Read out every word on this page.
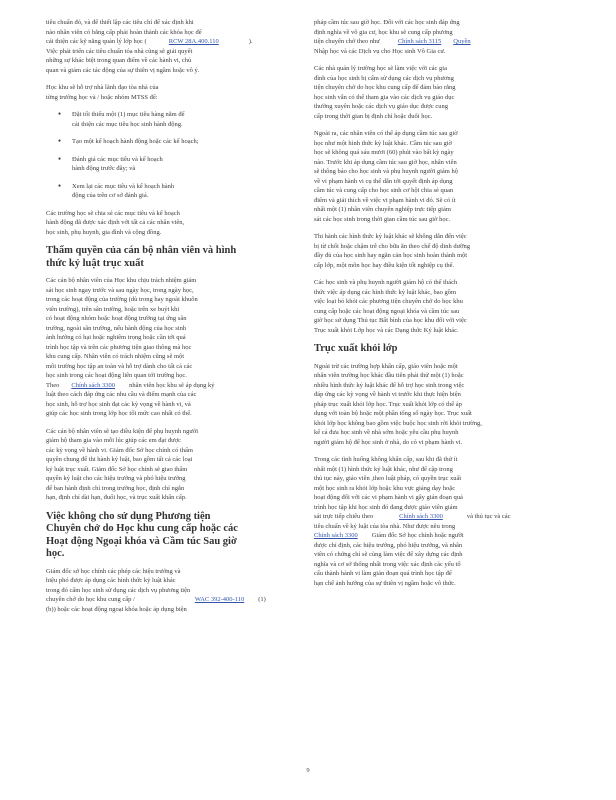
tiêu chuẩn đó, và để thiết lập các tiêu chí để xác định khi
nào nhân viên có bằng cấp phải hoàn thành các khóa học để
cải thiện các kỹ năng quản lý lớp học (	RCW 28A.400.110	).
Việc phát triển các tiêu chuẩn tóa nhà cũng sẽ giải quyết
những sự khác biệt trong quan điểm về các hành vi, chủ
quan và giảm các tác động của sự thiên vị ngầm hoặc vô ý.

Học khu sẽ hỗ trợ nhà lãnh đạo tòa nhà của
từng trường học và / hoặc nhóm MTSS để:

● Đặt tối thiểu một (1) mục tiêu hàng năm để
cải thiện các mục tiêu học sinh hành động.
● Tạo một kế hoạch hành động hoặc các kế hoạch;
● Đánh giá các mục tiêu và kế hoạch
hành động trước đây; và
● Xem lại các mục tiêu và kế hoạch hành
động của trên cơ sở đánh giá.

Các trường học sẽ chia sẻ các mục tiêu và kế hoạch
hành động đã được xác định với tất cả các nhân viên,
học sinh, phụ huynh, gia đình và cộng đồng.

Thẩm quyền của cán bộ nhân viên và hình
thức kỷ luật trục xuất

Các cán bộ nhân viên của Học khu chịu trách nhiệm giám
sát học sinh ngay trước và sau ngày học, trong ngày học,
trong các hoạt động của trường (dù trong hay ngoài khuôn
viên trường), trên sân trường, hoặc trên xe buýt khi
có hoạt động nhóm hoặc hoạt động trường tại ứng sân
trường, ngoài sân trường, nếu hành động của học sinh
ảnh hưởng có hại hoặc nghiêm trọng hoặc cần tới quá
trình học tập và trên các phương tiện giao thông mà học
khu cung cấp. Nhân viên có trách nhiệm cũng sẽ một
môi trường học tập an toàn và hỗ trợ dành cho tất cả các
học sinh trong các hoạt động liên quan tới trường học.
Theo Chính sách 3300 nhân viên học khu sẽ áp dụng kỷ
luật theo cách đáp ứng các nhu cầu và điểm mạnh của các
học sinh, hỗ trợ học sinh đạt các kỳ vọng về hành vi, và
giúp các học sinh trong lớp học tối mức cao nhất có thể.

Các cán bộ nhân viên sẽ tạo điều kiện để phụ huynh người
giám hộ tham gia vào mỗi lúc giúp các em đạt được
các kỳ vọng về hành vi. Giám đốc Sở học chính có thẩm
quyền chung để thi hành kỷ luật, bao gồm tất cả các loại
kỷ luật trục xuất. Giám đốc Sở học chính sẽ giao thẩm
quyền kỷ luật cho các hiệu trưởng và phó hiệu trưởng
để ban hành định chỉ trong trường học, định chỉ ngắn
hạn, định chỉ dài hạn, đuổi học, và trục xuất khẩn cấp.

Việc không cho sử dụng Phương tiện
Chuyên chở do Học khu cung cấp hoặc các
Hoạt động Ngoại khóa và Cầm túc Sau giờ
học.

Giám đốc sở học chính các phép các hiệu trưởng và
hiệu phó được áp dụng các hình thức kỷ luật khác
trong đó cấm học sinh sử dụng các dịch vụ phương tiện
chuyên chở do học khu cung cấp /	WAC 392-400-110 (1)
(b)) hoặc các hoạt động ngoại khóa hoặc áp dụng biện

pháp cầm túc sau giờ học. Đối với các học sinh đáp ứng
định nghĩa về vô gia cư, học khu sẽ cung cấp phương
tiện chuyên chở theo như	Chính sách 3115 Quyền
Nhập học và các Dịch vụ cho Học sinh Vô Gia cư.

Các nhà quản lý trường học sẽ làm việc với các gia
đình của học sinh bị cấm sử dụng các dịch vụ phương
tiện chuyên chở do học khu cung cấp để đảm bảo rằng
học sinh vẫn có thể tham gia vào các dịch vụ giáo dục
thường xuyên hoặc các dịch vụ giáo dục được cung
cấp trong thời gian bị định chỉ hoặc đuổi học.

Ngoài ra, các nhân viên có thể áp dụng cầm túc sau giờ
học như một hình thức kỷ luật khác. Cầm túc sau giờ
học sẽ không quá sáu mươi (60) phút vào bất kỳ ngày
nào. Trước khi áp dụng cầm túc sau giờ học, nhân viên
sẽ thông báo cho học sinh và phụ huynh người giám hộ
về vi phạm hành vi cụ thể dẫn tới quyết định áp dụng
cầm túc và cung cấp cho học sinh cơ hội chia sẻ quan
điểm và giải thích về việc vi phạm hành vi đó. Sẽ có ít
nhất một (1) nhân viên chuyên nghiệp trực tiếp giám
sát các học sinh trong thời gian cầm túc sau giờ học.

Thi hành các hình thức kỷ luật khác sẽ không dẫn đến việc
bị từ chối hoặc chậm trễ cho bữa ăn theo chế độ dinh dưỡng
đầy đủ của học sinh hay ngăn cản học sinh hoàn thành một
cấp lớp, một môn học hay điều kiện tốt nghiệp cụ thể.

Các học sinh và phụ huynh người giám hộ có thể thách
thức việc áp dụng các hình thức kỷ luật khác, bao gồm
việc loại bỏ khỏi các phương tiện chuyên chở do học khu
cung cấp hoặc các hoạt động ngoại khóa và cầm túc sau
giờ học sử dụng Thủ tục Bất bình của học khu đối với việc
Trục xuất khỏi Lớp học và các Dạng thức Kỷ luật khác.

Trục xuất khỏi lớp

Ngoài trừ các trường hợp khẩn cấp, giáo viên hoặc một
nhân viên trường học khác đầu tiên phải thử một (1) hoặc
nhiều hình thức kỷ luật khác để hỗ trợ học sinh trong việc
đáp ứng các kỳ vọng về hành vi trước khi thực hiện biện
pháp trục xuất khỏi lớp học. Trục xuất khỏi lớp có thể áp
dụng với toàn bộ hoặc một phần tổng số ngày học. Trục xuất
khỏi lớp học không bao gồm việc buộc học sinh rời khỏi trường,
kể cả đưa học sinh về nhà sớm hoặc yêu cầu phụ huynh
người giám hộ để học sinh ở nhà, do có vi phạm hành vi.

Trong các tình huống không khẩn cấp, sau khi đã thử ít
nhất một (1) hình thức kỷ luật khác, như để cập trong
thủ tục này, giáo viên ,theo luật pháp, có quyền trục xuất
một học sinh ra khỏi lớp hoặc khu vực giảng dạy hoặc
hoạt động đối với các vi phạm hành vi gây gián đoạn quá
trình học tập khi học sinh đó đang được giáo viên giám
sát trực tiếp chiếu theo	Chính sách 3300	và thủ tục và các
tiêu chuẩn về kỷ luật của tòa nhà. Như được nêu trong
Chính sách 3300 Giám đốc Sở học chính hoặc người
được chỉ định, các hiệu trưởng, phó hiệu trưởng, và nhân
viên có chứng chỉ sẽ cùng làm việc để xây dựng các định
nghĩa và cơ sở thống nhất trong việc xác định các yếu tố
cấu thành hành vi làm gián đoạn quá trình học tập để
hạn chế ảnh hưởng của sự thiên vị ngầm hoặc vô thức.

9
